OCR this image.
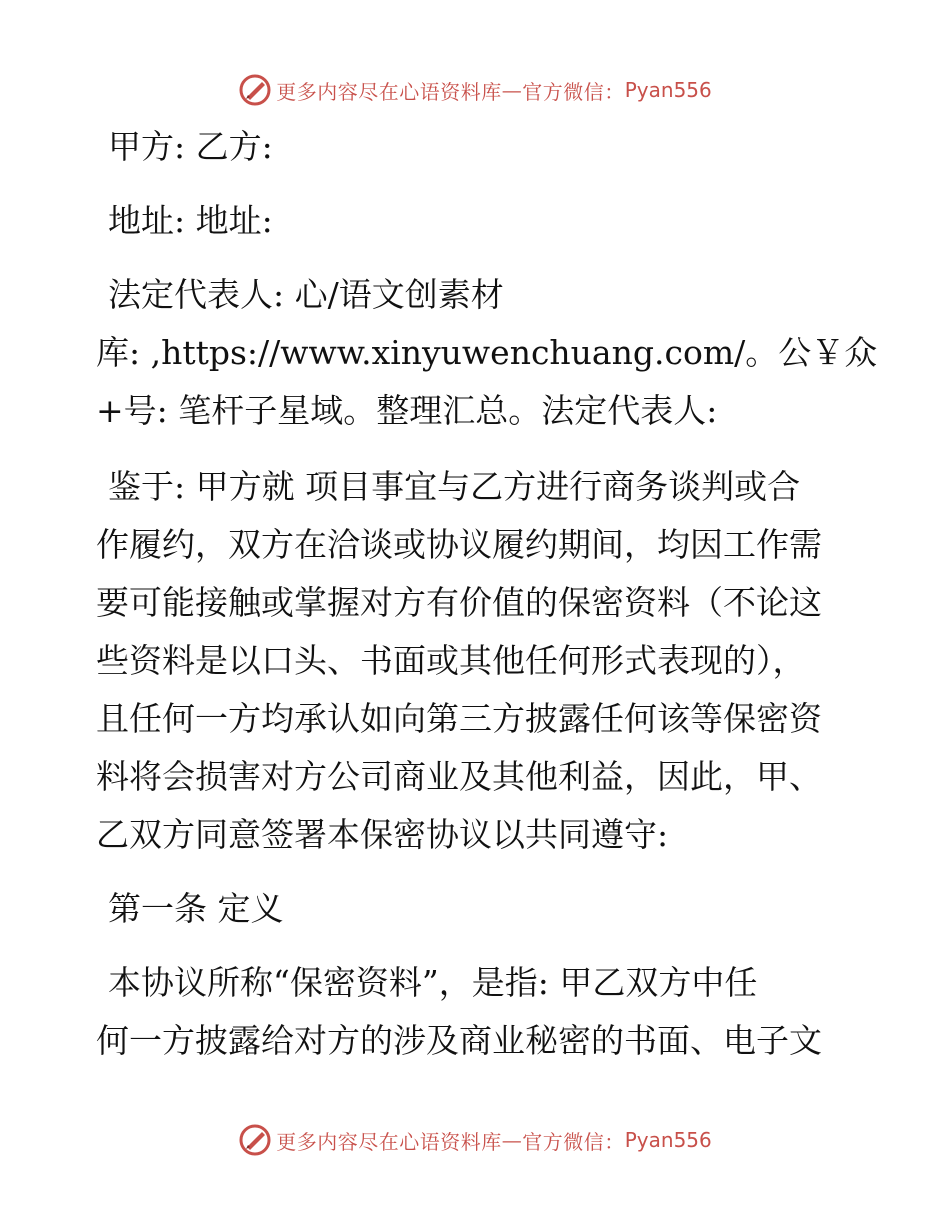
更多内容尽在心语资料库 — 官方微信： Pyan556
甲方: 乙方:
地址: 地址:
法定代表人: 心/语文创素材
库: ,https://www.xinyuwenchuang.com/。公￥众
+号: 笔杆子星域。整理汇总。法定代表人:
鉴于: 甲方就 项目事宜与乙方进行商务谈判或合
作履约，双方在洽谈或协议履约期间，均因工作需
要可能接触或掌握对方有价值的保密资料（不论这
些资料是以口头、书面或其他任何形式表现的），
且任何一方均承认如向第三方披露任何该等保密资
料将会损害对方公司商业及其他利益，因此，甲、
乙双方同意签署本保密协议以共同遵守:
第一条 定义
本协议所称“保密资料”，是指: 甲乙双方中任
何一方披露给对方的涉及商业秘密的书面、电子文
更多内容尽在心语资料库 — 官方微信： Pyan556
